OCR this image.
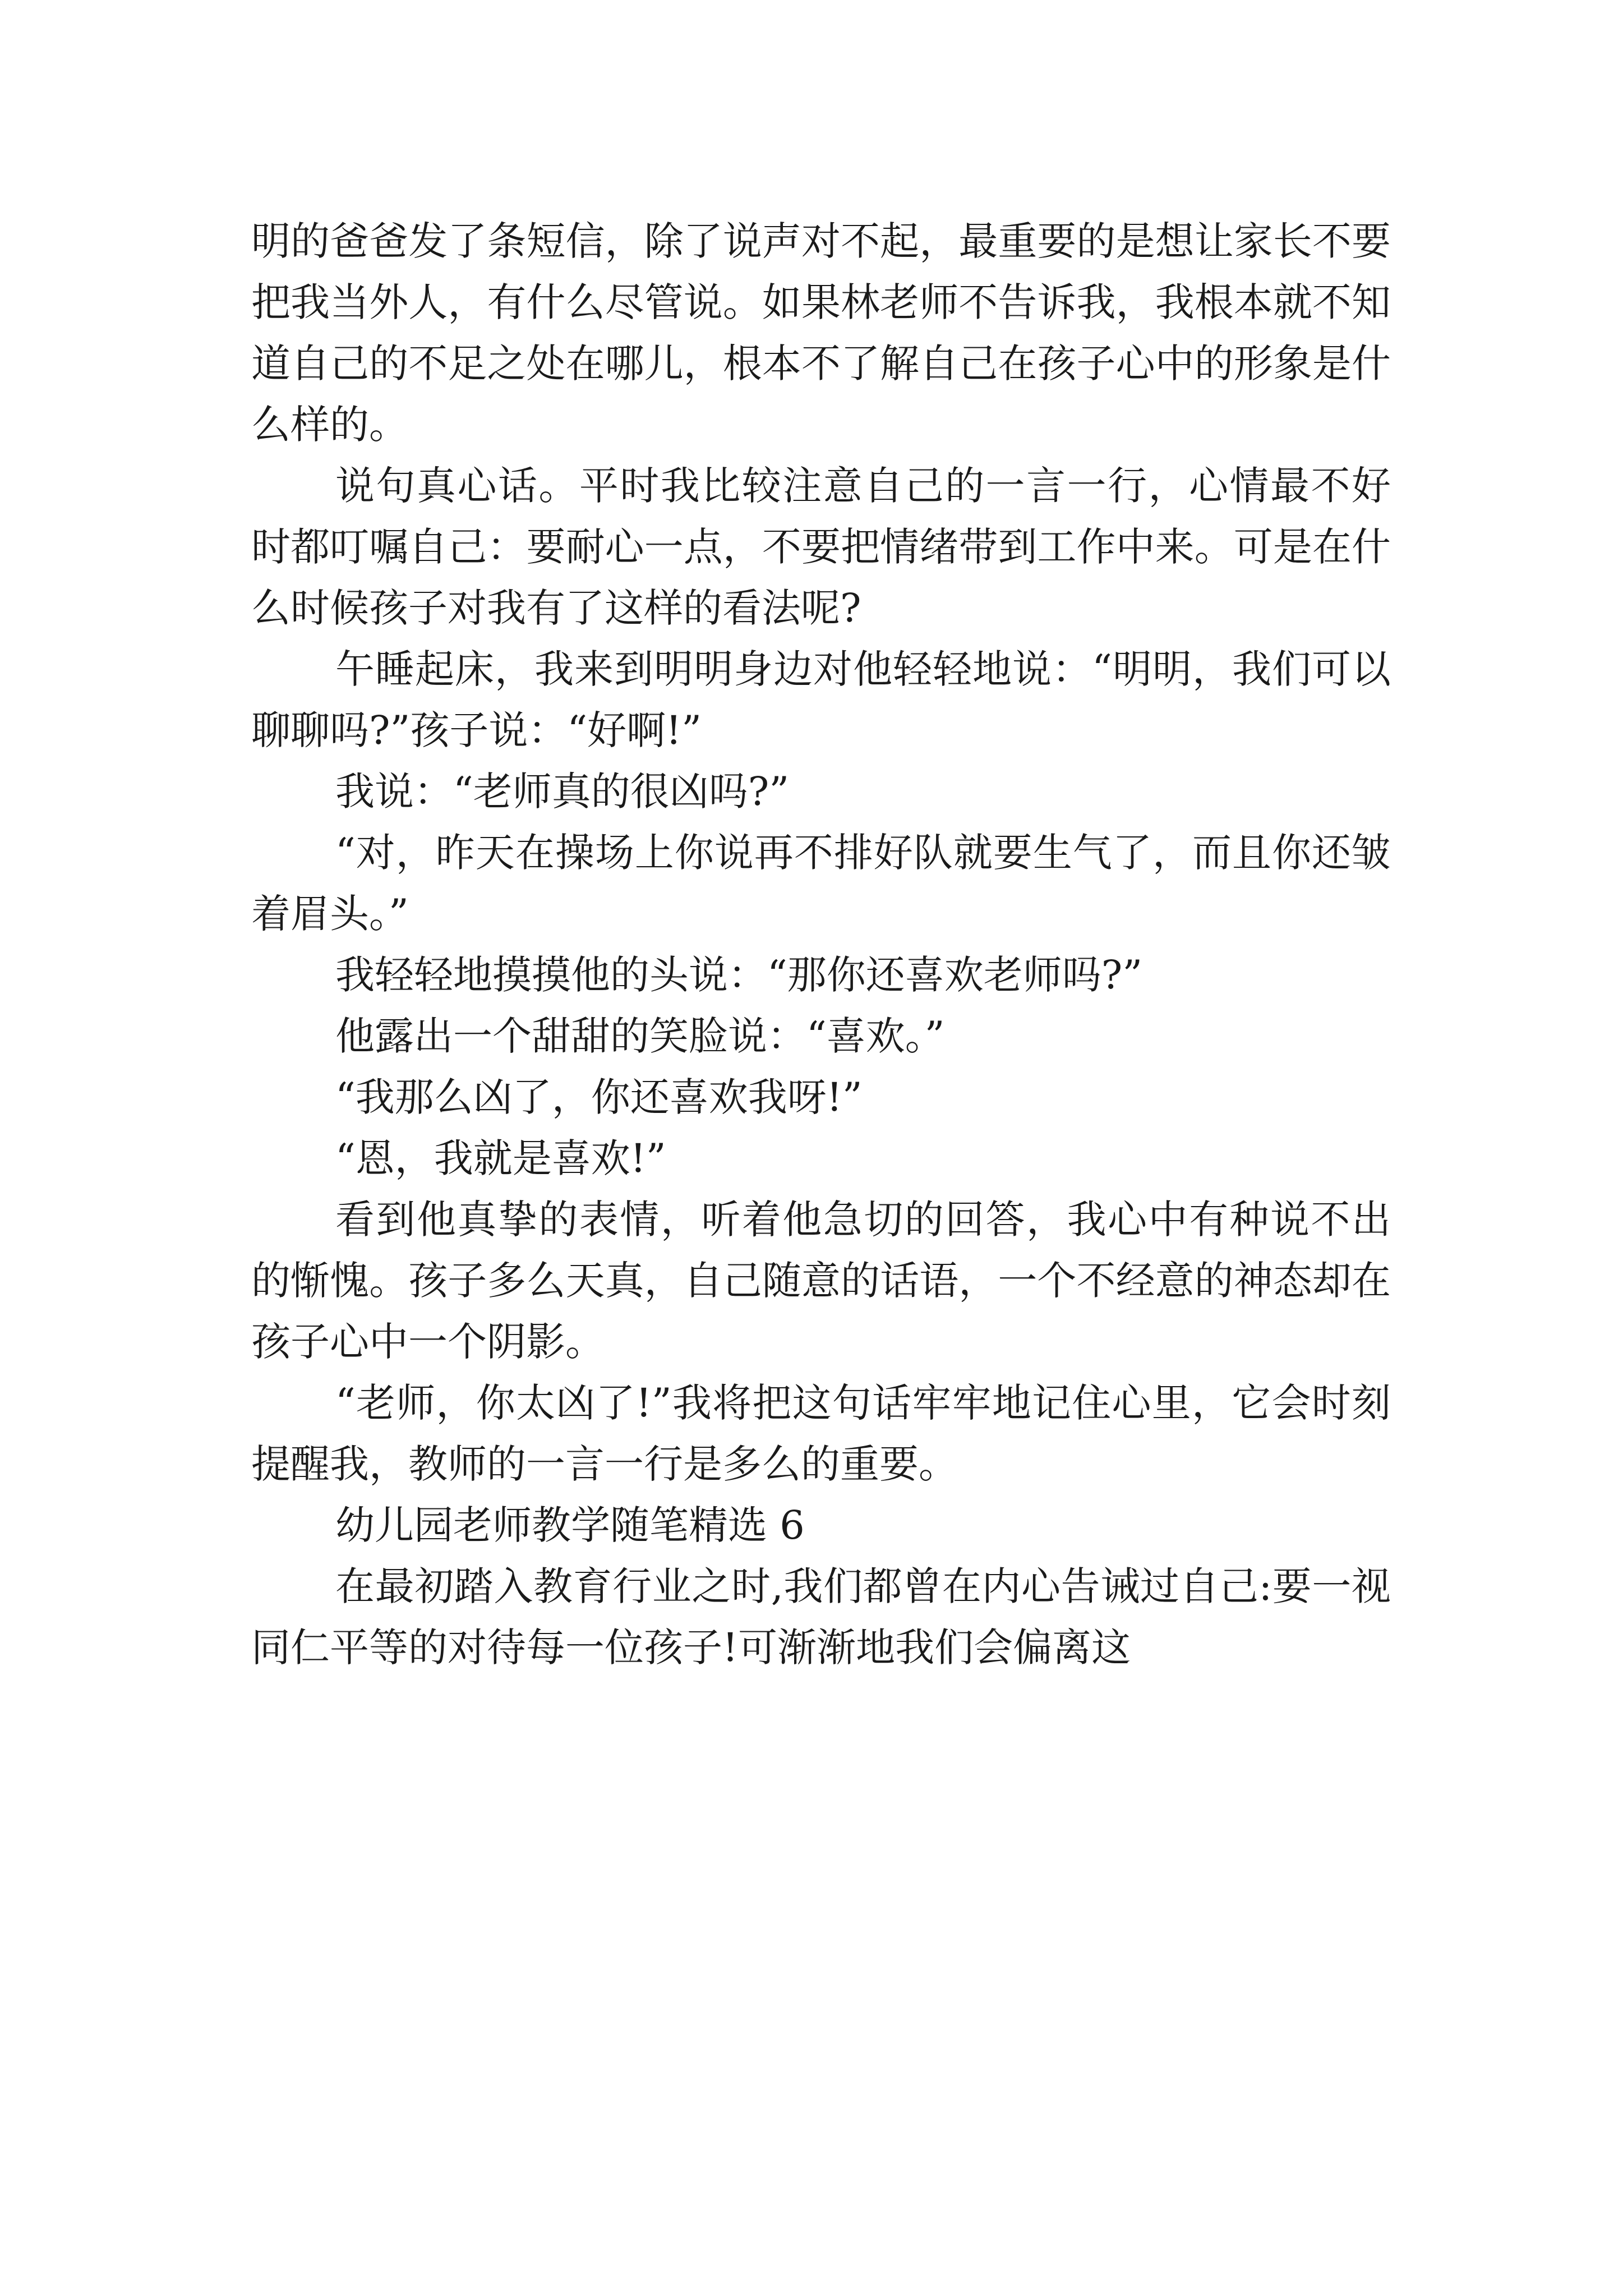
明的爸爸发了条短信，除了说声对不起，最重要的是想让家长不要把我当外人，有什么尽管说。如果林老师不告诉我，我根本就不知道自己的不足之处在哪儿，根本不了解自己在孩子心中的形象是什么样的。

说句真心话。平时我比较注意自己的一言一行，心情最不好时都叮嘱自己：要耐心一点，不要把情绪带到工作中来。可是在什么时候孩子对我有了这样的看法呢?

午睡起床，我来到明明身边对他轻轻地说：“明明，我们可以聊聊吗?”孩子说：“好啊!”

我说：“老师真的很凶吗?”

“对，昨天在操场上你说再不排好队就要生气了，而且你还皱着眉头。”

我轻轻地摸摸他的头说：“那你还喜欢老师吗?”

他露出一个甜甜的笑脸说：“喜欢。”

“我那么凶了，你还喜欢我呀!”

“恩，我就是喜欢!”

看到他真挚的表情，听着他急切的回答，我心中有种说不出的惭愧。孩子多么天真，自己随意的话语，一个不经意的神态却在孩子心中一个阴影。

“老师，你太凶了!”我将把这句话牢牢地记住心里，它会时刻提醒我，教师的一言一行是多么的重要。

幼儿园老师教学随笔精选 6

在最初踏入教育行业之时,我们都曾在内心告诫过自己:要一视同仁平等的对待每一位孩子!可渐渐地我们会偏离这
